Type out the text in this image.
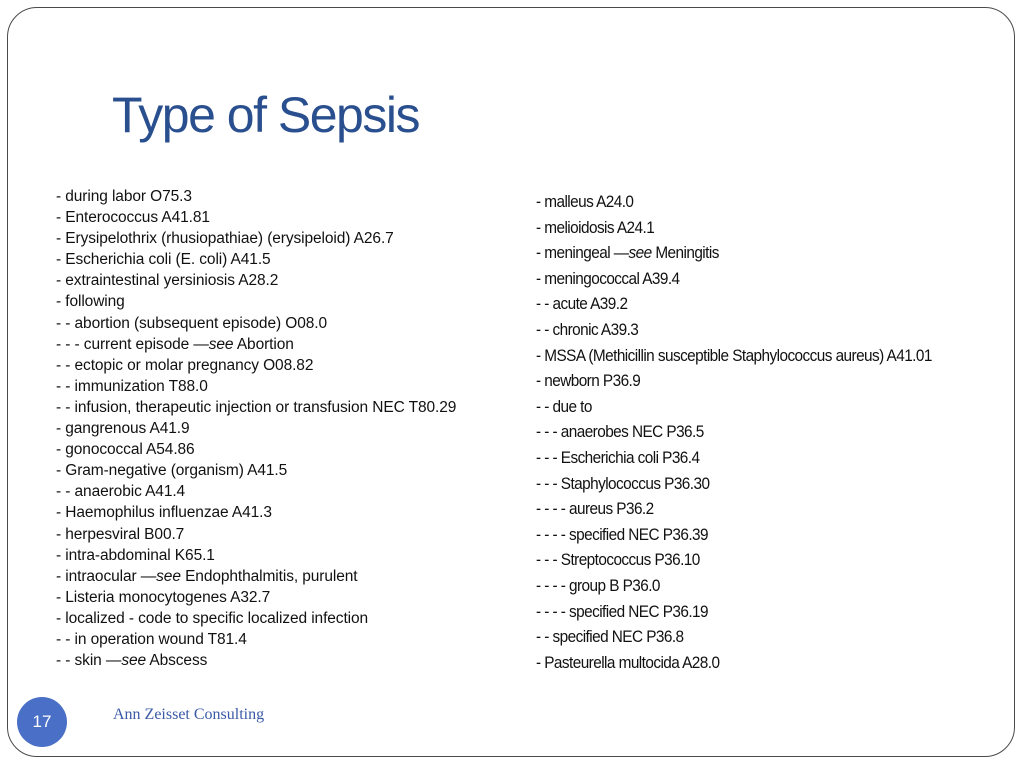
Type of Sepsis
- during labor O75.3
- Enterococcus A41.81
- Erysipelothrix (rhusiopathiae) (erysipeloid) A26.7
- Escherichia coli (E. coli) A41.5
- extraintestinal yersiniosis A28.2
- following
- - abortion (subsequent episode) O08.0
- - - current episode —see Abortion
- - ectopic or molar pregnancy O08.82
- - immunization T88.0
- - infusion, therapeutic injection or transfusion NEC T80.29
- gangrenous A41.9
- gonococcal A54.86
- Gram-negative (organism) A41.5
- - anaerobic A41.4
- Haemophilus influenzae A41.3
- herpesviral B00.7
- intra-abdominal K65.1
- intraocular —see Endophthalmitis, purulent
- Listeria monocytogenes A32.7
- localized - code to specific localized infection
- - in operation wound T81.4
- - skin —see Abscess
- malleus A24.0
- melioidosis A24.1
- meningeal —see Meningitis
- meningococcal A39.4
- - acute A39.2
- - chronic A39.3
- MSSA (Methicillin susceptible Staphylococcus aureus) A41.01
- newborn P36.9
- - due to
- - - anaerobes NEC P36.5
- - - Escherichia coli P36.4
- - - Staphylococcus P36.30
- - - - aureus P36.2
- - - - specified NEC P36.39
- - - Streptococcus P36.10
- - - - group B P36.0
- - - - specified NEC P36.19
- - specified NEC P36.8
- Pasteurella multocida A28.0
17	Ann Zeisset Consulting
